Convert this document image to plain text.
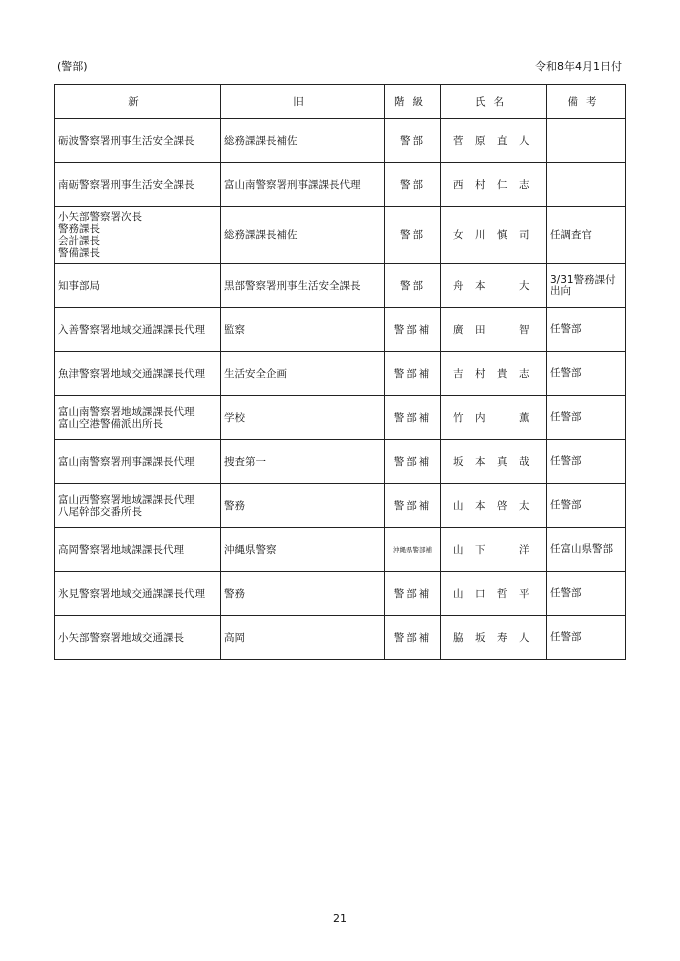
(警部)	令和8年4月1日付
新	旧	階級	氏名	備考

砺波警察署刑事生活安全課長	総務課課長補佐	警部	菅 原 直 人	

南砺警察署刑事生活安全課長	富山南警察署刑事課課長代理	警部	西 村 仁 志	

小矢部警察署次長
警務課長
会計課長
警備課長	総務課課長補佐	警部	女 川 慎 司	任調査官

知事部局	黒部警察署刑事生活安全課長	警部	舟 本 大	3/31警務課付出向

入善警察署地域交通課課長代理	監察	警部補	廣 田 智	任警部

魚津警察署地域交通課課長代理	生活安全企画	警部補	吉 村 貴 志	任警部

富山南警察署地域課課長代理
富山空港警備派出所長	学校	警部補	竹 内 薫	任警部

富山南警察署刑事課課長代理	捜査第一	警部補	坂 本 真 哉	任警部

富山西警察署地域課課長代理
八尾幹部交番所長	警務	警部補	山 本 啓 太	任警部

高岡警察署地域課課長代理	沖縄県警察	沖縄県警部補	山 下 洋	任富山県警部

氷見警察署地域交通課課長代理	警務	警部補	山 口 哲 平	任警部

小矢部警察署地域交通課長	高岡	警部補	脇 坂 寿 人	任警部
21
